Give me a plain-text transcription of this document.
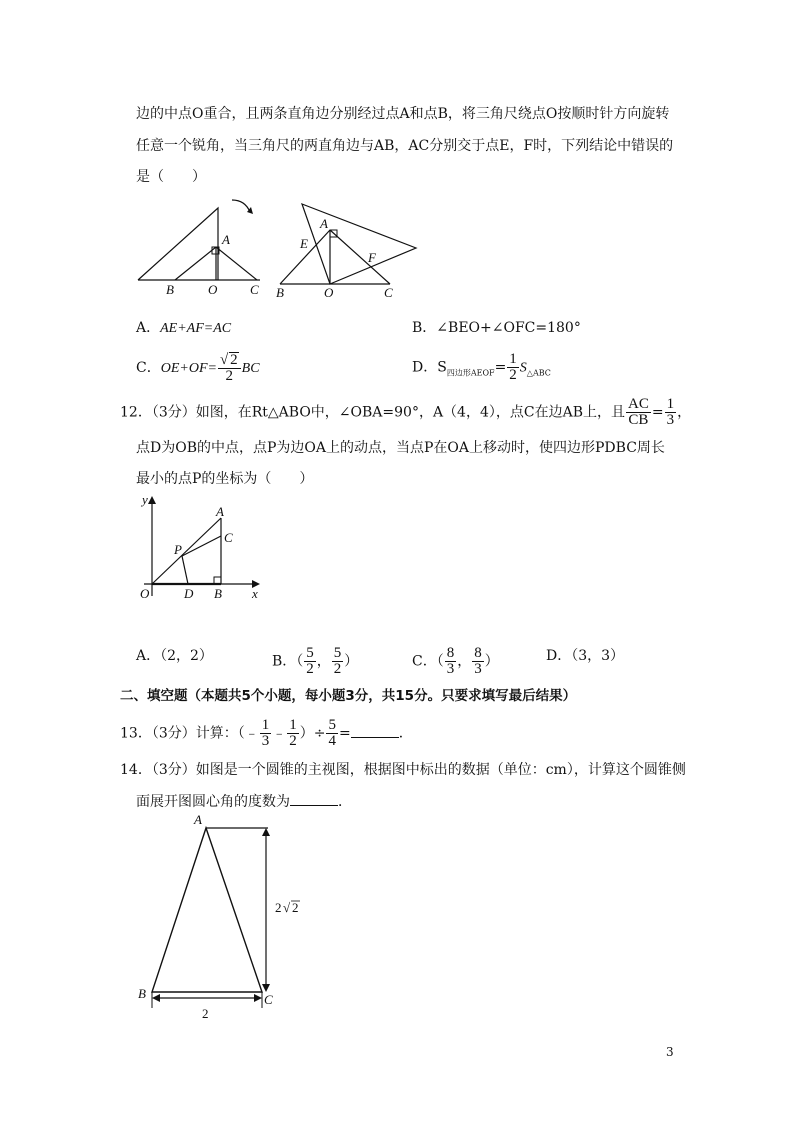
边的中点O重合，且两条直角边分别经过点A和点B，将三角尺绕点O按顺时针方向旋转
任意一个锐角，当三角尺的两直角边与AB，AC分别交于点E，F时，下列结论中错误的
是（　　）
A
B	O	C
A
E
F
B	O	C
A．AE+AF=AC	B．∠BEO+∠OFC=180°
C．$OE+OF= \frac{√ 2}{2}$ BC	D．$S_{四边形AEOF}= \frac{1}{2} S_{\triangle ABC}$
12．（3分）如图，在Rt△ABO中，∠OBA=90°，A（4，4），点C在边AB上，且 $\frac{AC}{CB} = \frac{1}{3}$ ，
点D为OB的中点，点P为边OA上的动点，当点P在OA上移动时，使四边形PDBC周长
最小的点P的坐标为（　　）
y
A
C
P
O	D B x
A．（2，2）	B．（ $\frac{5}{2}$ ， $\frac{5}{2}$ ）	C．（ $\frac{8}{3}$ ， $\frac{8}{3}$ ）	D．（3，3）
二、填空题（本题共5个小题，每小题3分，共15分。只要求填写最后结果）
13．（3分）计算：（﹣ $\frac{1}{3}$ ﹣ $\frac{1}{2}$ ）÷ $\frac{5}{4}$ =	．
14．（3分）如图是一个圆锥的主视图，根据图中标出的数据（单位：cm），计算这个圆锥侧
面展开图圆心角的度数为	．
A
B	C
2 √ 2
2
3
